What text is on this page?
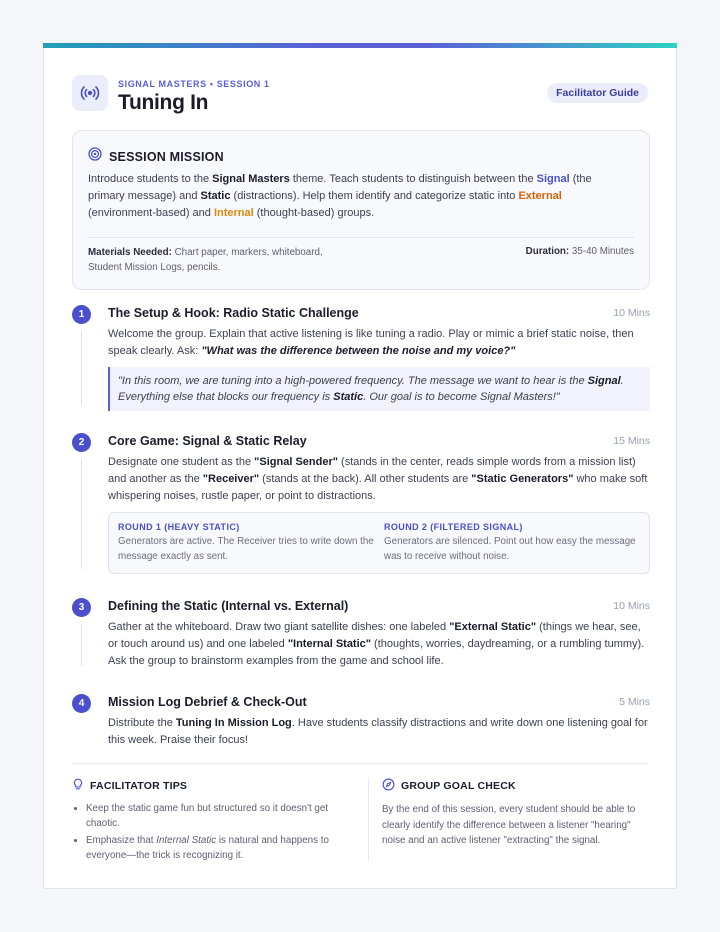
SIGNAL MASTERS • SESSION 1
Tuning In	Facilitator Guide
SESSION MISSION
Introduce students to the Signal Masters theme. Teach students to distinguish between the Signal (the primary message) and Static (distractions). Help them identify and categorize static into External (environment-based) and Internal (thought-based) groups.
Materials Needed: Chart paper, markers, whiteboard, Student Mission Logs, pencils.
Duration: 35-40 Minutes
1	The Setup & Hook: Radio Static Challenge	10 Mins
Welcome the group. Explain that active listening is like tuning a radio. Play or mimic a brief static noise, then speak clearly. Ask: "What was the difference between the noise and my voice?"
"In this room, we are tuning into a high-powered frequency. The message we want to hear is the Signal. Everything else that blocks our frequency is Static. Our goal is to become Signal Masters!"
2	Core Game: Signal & Static Relay	15 Mins
Designate one student as the "Signal Sender" (stands in the center, reads simple words from a mission list) and another as the "Receiver" (stands at the back). All other students are "Static Generators" who make soft whispering noises, rustle paper, or point to distractions.
ROUND 1 (HEAVY STATIC)
Generators are active. The Receiver tries to write down the message exactly as sent.
ROUND 2 (FILTERED SIGNAL)
Generators are silenced. Point out how easy the message was to receive without noise.
3	Defining the Static (Internal vs. External)	10 Mins
Gather at the whiteboard. Draw two giant satellite dishes: one labeled "External Static" (things we hear, see, or touch around us) and one labeled "Internal Static" (thoughts, worries, daydreaming, or a rumbling tummy). Ask the group to brainstorm examples from the game and school life.
4	Mission Log Debrief & Check-Out	5 Mins
Distribute the Tuning In Mission Log. Have students classify distractions and write down one listening goal for this week. Praise their focus!
FACILITATOR TIPS
• Keep the static game fun but structured so it doesn't get chaotic.
• Emphasize that Internal Static is natural and happens to everyone—the trick is recognizing it.
GROUP GOAL CHECK
By the end of this session, every student should be able to clearly identify the difference between a listener "hearing" noise and an active listener "extracting" the signal.
